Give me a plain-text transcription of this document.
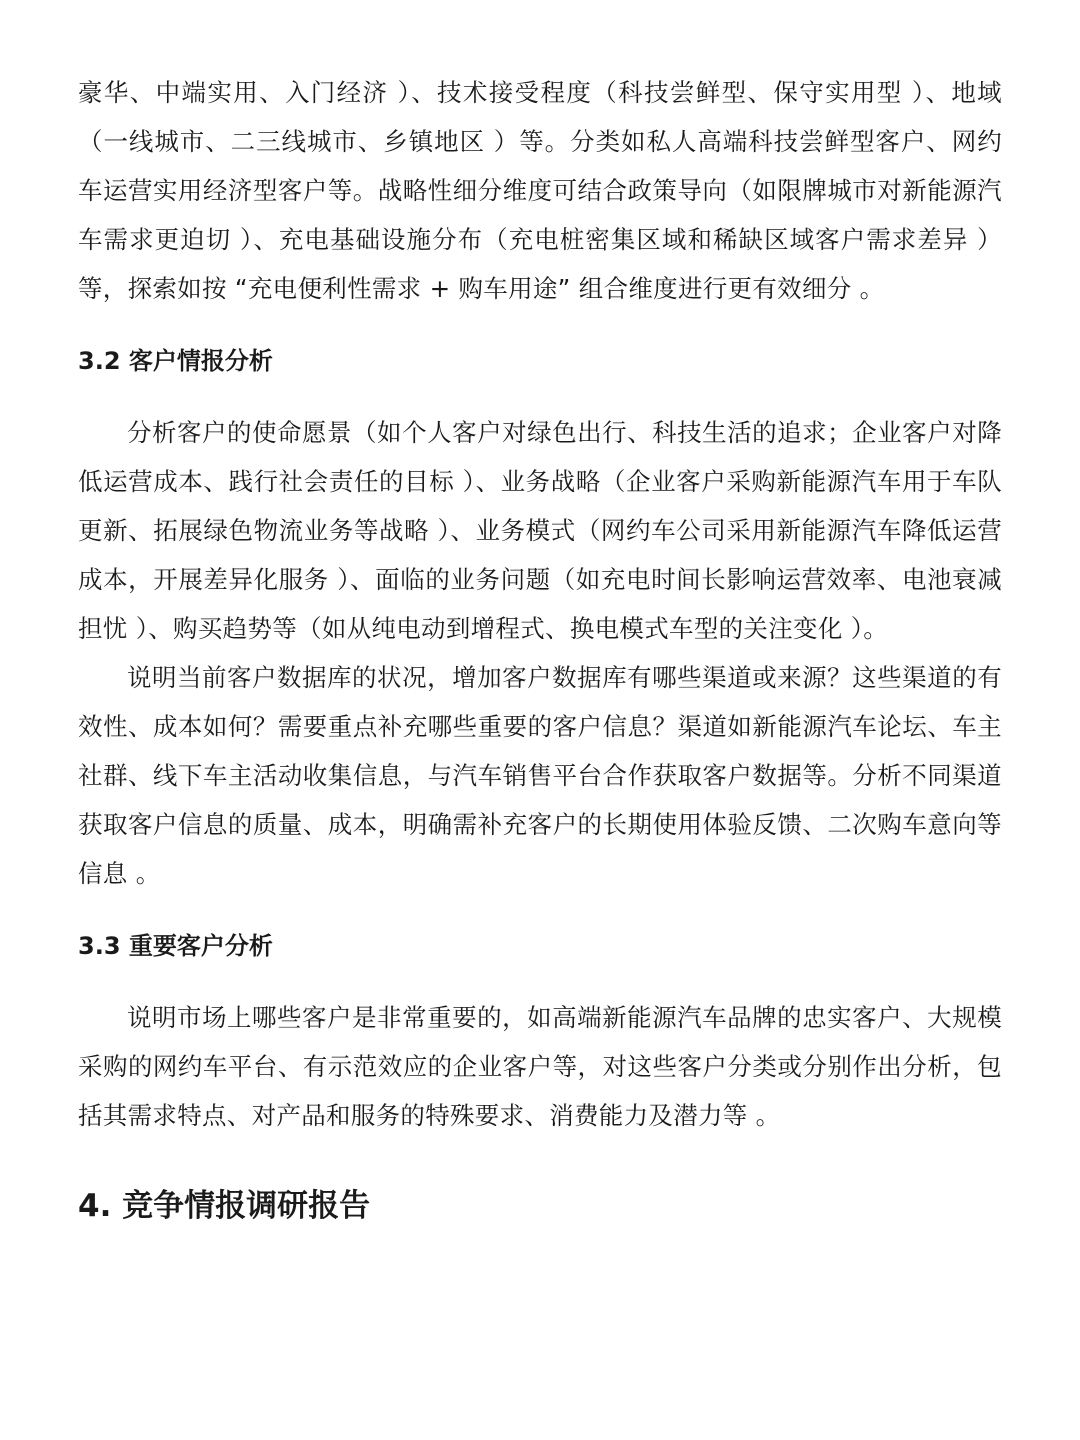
豪华、中端实用、入门经济 ）、技术接受程度（科技尝鲜型、保守实用型 ）、地域（一线城市、二三线城市、乡镇地区 ）等。分类如私人高端科技尝鲜型客户、网约车运营实用经济型客户等。战略性细分维度可结合政策导向（如限牌城市对新能源汽车需求更迫切 ）、充电基础设施分布（充电桩密集区域和稀缺区域客户需求差异 ）等，探索如按 “充电便利性需求 + 购车用途” 组合维度进行更有效细分 。

3.2 客户情报分析

分析客户的使命愿景（如个人客户对绿色出行、科技生活的追求；企业客户对降低运营成本、践行社会责任的目标 ）、业务战略（企业客户采购新能源汽车用于车队更新、拓展绿色物流业务等战略 ）、业务模式（网约车公司采用新能源汽车降低运营成本，开展差异化服务 ）、面临的业务问题（如充电时间长影响运营效率、电池衰减担忧 ）、购买趋势等（如从纯电动到增程式、换电模式车型的关注变化 ）。

说明当前客户数据库的状况，增加客户数据库有哪些渠道或来源？这些渠道的有效性、成本如何？需要重点补充哪些重要的客户信息？渠道如新能源汽车论坛、车主社群、线下车主活动收集信息，与汽车销售平台合作获取客户数据等。分析不同渠道获取客户信息的质量、成本，明确需补充客户的长期使用体验反馈、二次购车意向等信息 。

3.3 重要客户分析

说明市场上哪些客户是非常重要的，如高端新能源汽车品牌的忠实客户、大规模采购的网约车平台、有示范效应的企业客户等，对这些客户分类或分别作出分析，包括其需求特点、对产品和服务的特殊要求、消费能力及潜力等 。

4. 竞争情报调研报告
